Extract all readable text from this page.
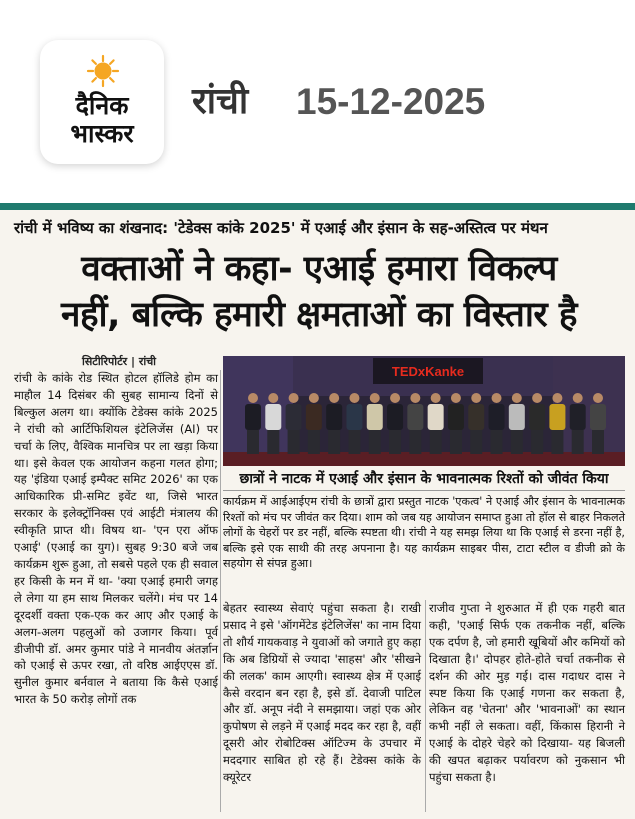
दैनिक
भास्कर
रांची 15-12-2025
रांची में भविष्य का शंखनाद: 'टेडेक्स कांके 2025' में एआई और इंसान के सह-अस्तित्व पर मंथन
वक्ताओं ने कहा- एआई हमारा विकल्प
नहीं, बल्कि हमारी क्षमताओं का विस्तार है
सिटीरिपोर्टर | रांची
TEDxKanke
छात्रों ने नाटक में एआई और इंसान के भावनात्मक रिश्तों को जीवंत किया
कार्यक्रम में आईआईएम रांची के छात्रों द्वारा प्रस्तुत नाटक 'एकत्व' ने एआई और इंसान के भावनात्मक रिश्तों को मंच पर जीवंत कर दिया। शाम को जब यह आयोजन समाप्त हुआ तो हॉल से बाहर निकलते लोगों के चेहरों पर डर नहीं, बल्कि स्पष्टता थी। रांची ने यह समझ लिया था कि एआई से डरना नहीं है, बल्कि इसे एक साथी की तरह अपनाना है। यह कार्यक्रम साइबर पीस, टाटा स्टील व डीजी क्रो के सहयोग से संपन्न हुआ।
रांची के कांके रोड स्थित होटल हॉलिडे होम का माहौल 14 दिसंबर की सुबह सामान्य दिनों से बिल्कुल अलग था। क्योंकि टेडेक्स कांके 2025 ने रांची को आर्टिफिशियल इंटेलिजेंस (AI) पर चर्चा के लिए, वैश्विक मानचित्र पर ला खड़ा किया था। इसे केवल एक आयोजन कहना गलत होगा; यह 'इंडिया एआई इम्पैक्ट समिट 2026' का एक आधिकारिक प्री-समिट इवेंट था, जिसे भारत सरकार के इलेक्ट्रॉनिक्स एवं आईटी मंत्रालय की स्वीकृति प्राप्त थी। विषय था- 'एन एरा ऑफ एआई' (एआई का युग)। सुबह 9:30 बजे जब कार्यक्रम शुरू हुआ, तो सबसे पहले एक ही सवाल हर किसी के मन में था- 'क्या एआई हमारी जगह ले लेगा या हम साथ मिलकर चलेंगे। मंच पर 14 दूरदर्शी वक्ता एक-एक कर आए और एआई के अलग-अलग पहलुओं को उजागर किया। पूर्व डीजीपी डॉ. अमर कुमार पांडे ने मानवीय अंतर्ज्ञान को एआई से ऊपर रखा, तो वरिष्ठ आईएएस डॉ. सुनील कुमार बर्नवाल ने बताया कि कैसे एआई भारत के 50 करोड़ लोगों तक
बेहतर स्वास्थ्य सेवाएं पहुंचा सकता है। राखी प्रसाद ने इसे 'ऑगमेंटेड इंटेलिजेंस' का नाम दिया तो शौर्य गायकवाड़ ने युवाओं को जगाते हुए कहा कि अब डिग्रियों से ज्यादा 'साहस' और 'सीखने की ललक' काम आएगी। स्वास्थ्य क्षेत्र में एआई कैसे वरदान बन रहा है, इसे डॉ. देवाजी पाटिल और डॉ. अनूप नंदी ने समझाया। जहां एक ओर कुपोषण से लड़ने में एआई मदद कर रहा है, वहीं दूसरी ओर रोबोटिक्स ऑटिज्म के उपचार में मददगार साबित हो रहे हैं। टेडेक्स कांके के क्यूरेटर
राजीव गुप्ता ने शुरुआत में ही एक गहरी बात कही, 'एआई सिर्फ एक तकनीक नहीं, बल्कि एक दर्पण है, जो हमारी खूबियों और कमियों को दिखाता है।' दोपहर होते-होते चर्चा तकनीक से दर्शन की ओर मुड़ गई। दास गदाधर दास ने स्पष्ट किया कि एआई गणना कर सकता है, लेकिन वह 'चेतना' और 'भावनाओं' का स्थान कभी नहीं ले सकता। वहीं, किंकास हिरानी ने एआई के दोहरे चेहरे को दिखाया- यह बिजली की खपत बढ़ाकर पर्यावरण को नुकसान भी पहुंचा सकता है।
